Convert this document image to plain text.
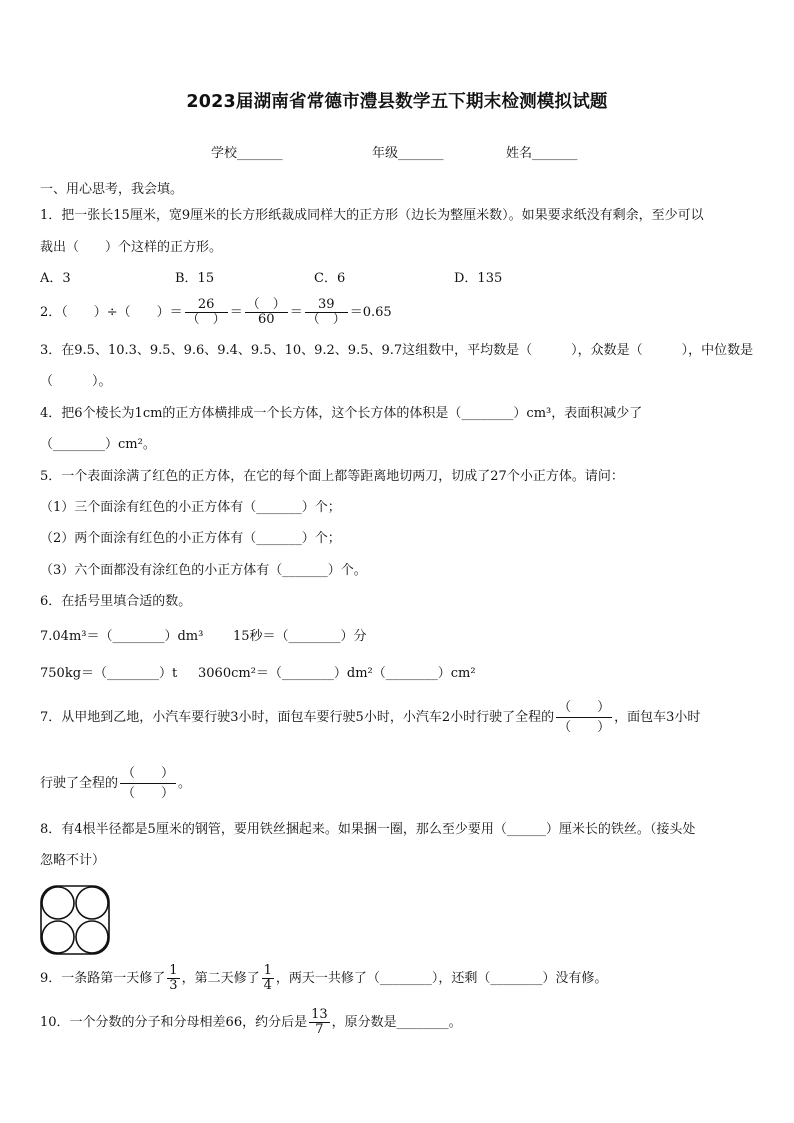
2023届湖南省常德市澧县数学五下期末检测模拟试题
学校_______	年级_______	姓名_______
一、用心思考，我会填。
1．把一张长15厘米，宽9厘米的长方形纸裁成同样大的正方形（边长为整厘米数）。如果要求纸没有剩余，至少可以
裁出（　　）个这样的正方形。
A．3	B．15	C．6	D．135
2．（　　）÷（　　）＝ $\frac{26}{( )} = \frac{( )}{60} = \frac{39}{( )} =0.65$
3．在9.5、10.3、9.5、9.6、9.4、9.5、10、9.2、9.5、9.7这组数中，平均数是（　　　），众数是（　　　），中位数是
（　　　）。
4．把6个棱长为1cm的正方体横排成一个长方体，这个长方体的体积是（________）cm³，表面积减少了
（________）cm²。
5．一个表面涂满了红色的正方体，在它的每个面上都等距离地切两刀，切成了27个小正方体。请问：
（1）三个面涂有红色的小正方体有（_______）个；
（2）两个面涂有红色的小正方体有（_______）个；
（3）六个面都没有涂红色的小正方体有（_______）个。
6．在括号里填合适的数。
7.04m³＝（________）dm³ 15秒＝（________）分
750kg＝（________）t 3060cm²＝（________）dm²（________）cm²
7．从甲地到乙地，小汽车要行驶3小时，面包车要行驶5小时，小汽车2小时行驶了全程的 $\frac{( )}{( )}$ ，面包车3小时
行驶了全程的 $\frac{( )}{( )}$ 。
8．有4根半径都是5厘米的钢管，要用铁丝捆起来。如果捆一圈，那么至少要用（______）厘米长的铁丝。（接头处
忽略不计）
9．一条路第一天修了 $\frac{1}{3}$ ，第二天修了 $\frac{1}{4}$ ，两天一共修了（________），还剩（________）没有修。
10．一个分数的分子和分母相差66，约分后是 $\frac{13}{7}$ ，原分数是________。
